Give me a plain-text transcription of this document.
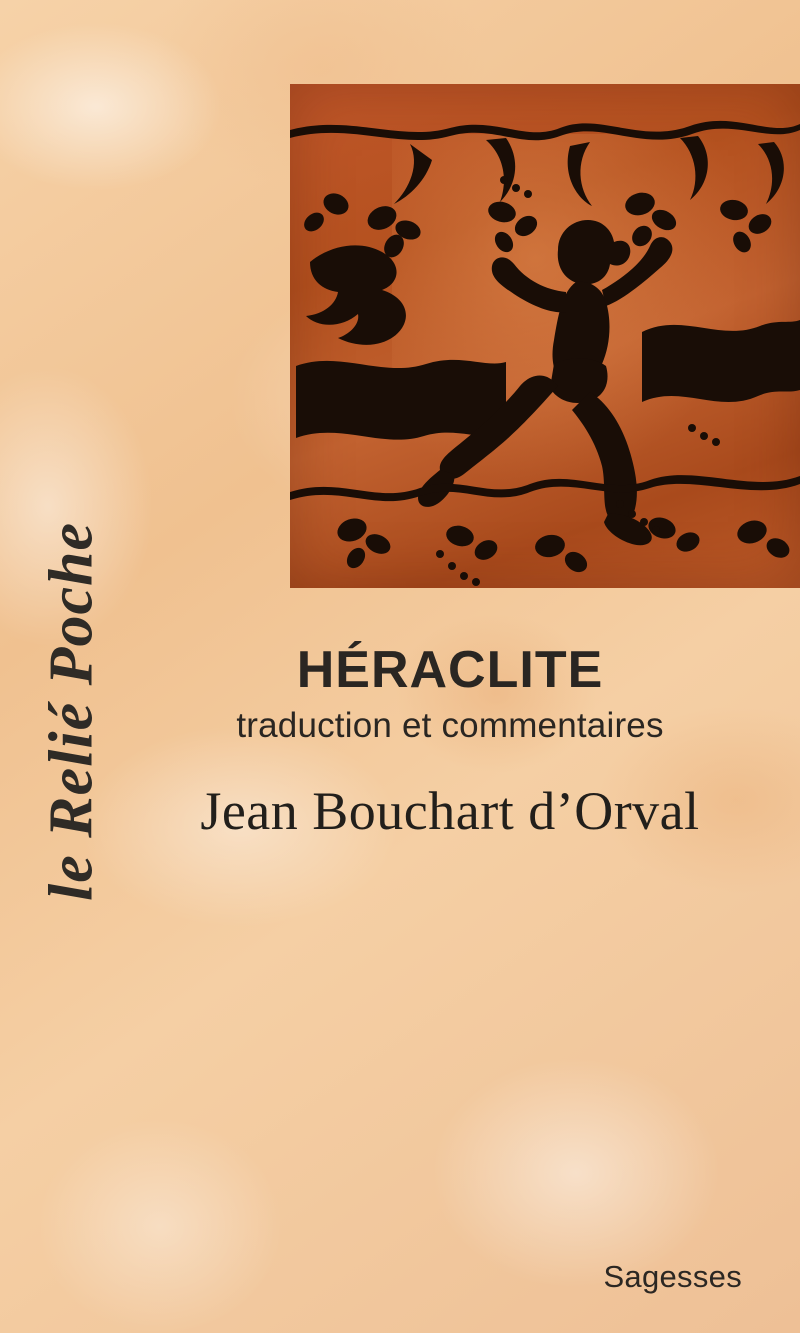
le Relié Poche	HÉRACLITE
traduction et commentaires
Jean Bouchart d’Orval
Sagesses
